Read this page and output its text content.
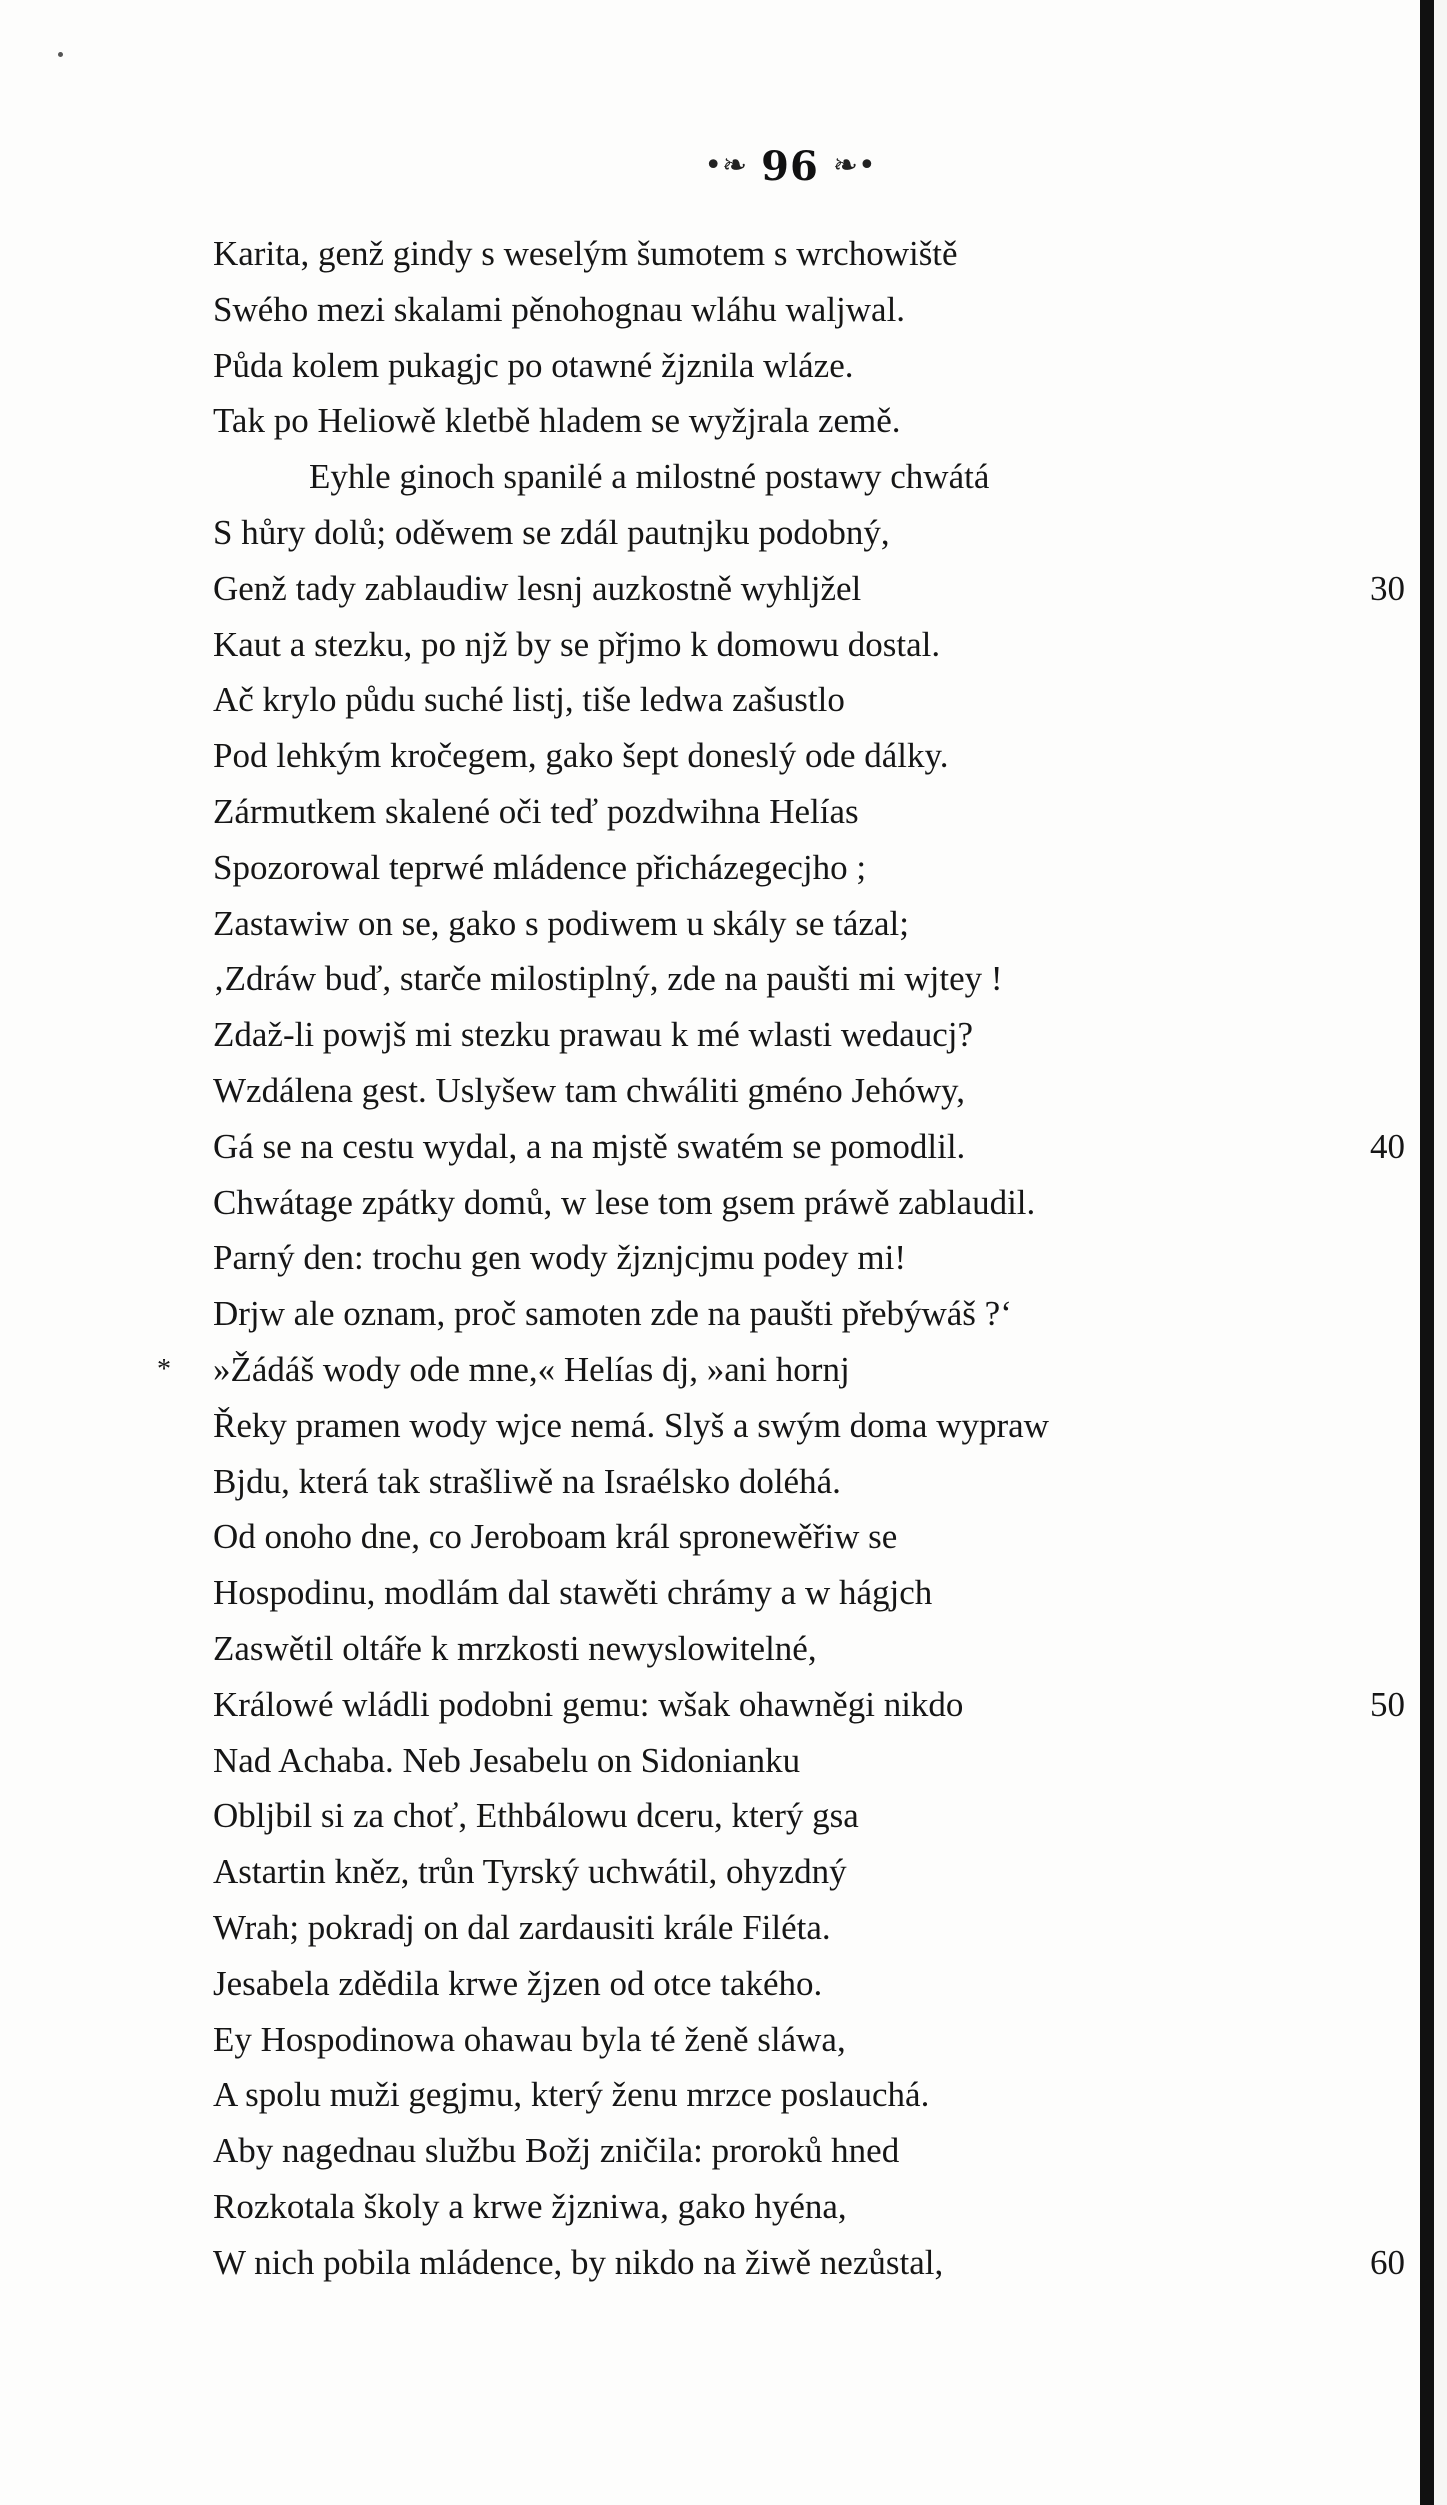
•❧ 96 ❧•
Karita, genž gindy s weselým šumotem s wrchowiště
Swého mezi skalami pěnohognau wláhu waljwal.
Půda kolem pukagjc po otawné žjznila wláze.
Tak po Heliowě kletbě hladem se wyžjrala země.
Eyhle ginoch spanilé a milostné postawy chwátá
S hůry dolů; oděwem se zdál pautnjku podobný,
Genž tady zablaudiw lesnj auzkostně wyhljžel	30
Kaut a stezku, po njž by se přjmo k domowu dostal.
Ač krylo půdu suché listj, tiše ledwa zašustlo
Pod lehkým kročegem, gako šept doneslý ode dálky.
Zármutkem skalené oči teď pozdwihna Helías
Spozorowal teprwé mládence přicházegecjho ;
Zastawiw on se, gako s podiwem u skály se tázal;
‚Zdráw buď, starče milostiplný, zde na paušti mi wjtey !
Zdaž-li powjš mi stezku prawau k mé wlasti wedaucj?
Wzdálena gest. Uslyšew tam chwáliti gméno Jehówy,
Gá se na cestu wydal, a na mjstě swatém se pomodlil.	40
Chwátage zpátky domů, w lese tom gsem práwě zablaudil.
Parný den: trochu gen wody žjznjcjmu podey mi!
Drjw ale oznam, proč samoten zde na paušti přebýwáš ?‘
»Žádáš wody ode mne,« Helías dj, »ani hornj
*
Řeky pramen wody wjce nemá. Slyš a swým doma wypraw
Bjdu, která tak strašliwě na Israélsko doléhá.
Od onoho dne, co Jeroboam král spronewěřiw se
Hospodinu, modlám dal stawěti chrámy a w hágjch
Zaswětil oltáře k mrzkosti newyslowitelné,
Králowé wládli podobni gemu: wšak ohawněgi nikdo	50
Nad Achaba. Neb Jesabelu on Sidonianku
Obljbil si za choť, Ethbálowu dceru, který gsa
Astartin kněz, trůn Tyrský uchwátil, ohyzdný
Wrah; pokradj on dal zardausiti krále Filéta.
Jesabela zdědila krwe žjzen od otce takého.
Ey Hospodinowa ohawau byla té ženě sláwa,
A spolu muži gegjmu, který ženu mrzce poslauchá.
Aby nagednau službu Božj zničila: proroků hned
Rozkotala školy a krwe žjzniwa, gako hyéna,
W nich pobila mládence, by nikdo na žiwě nezůstal,	60
